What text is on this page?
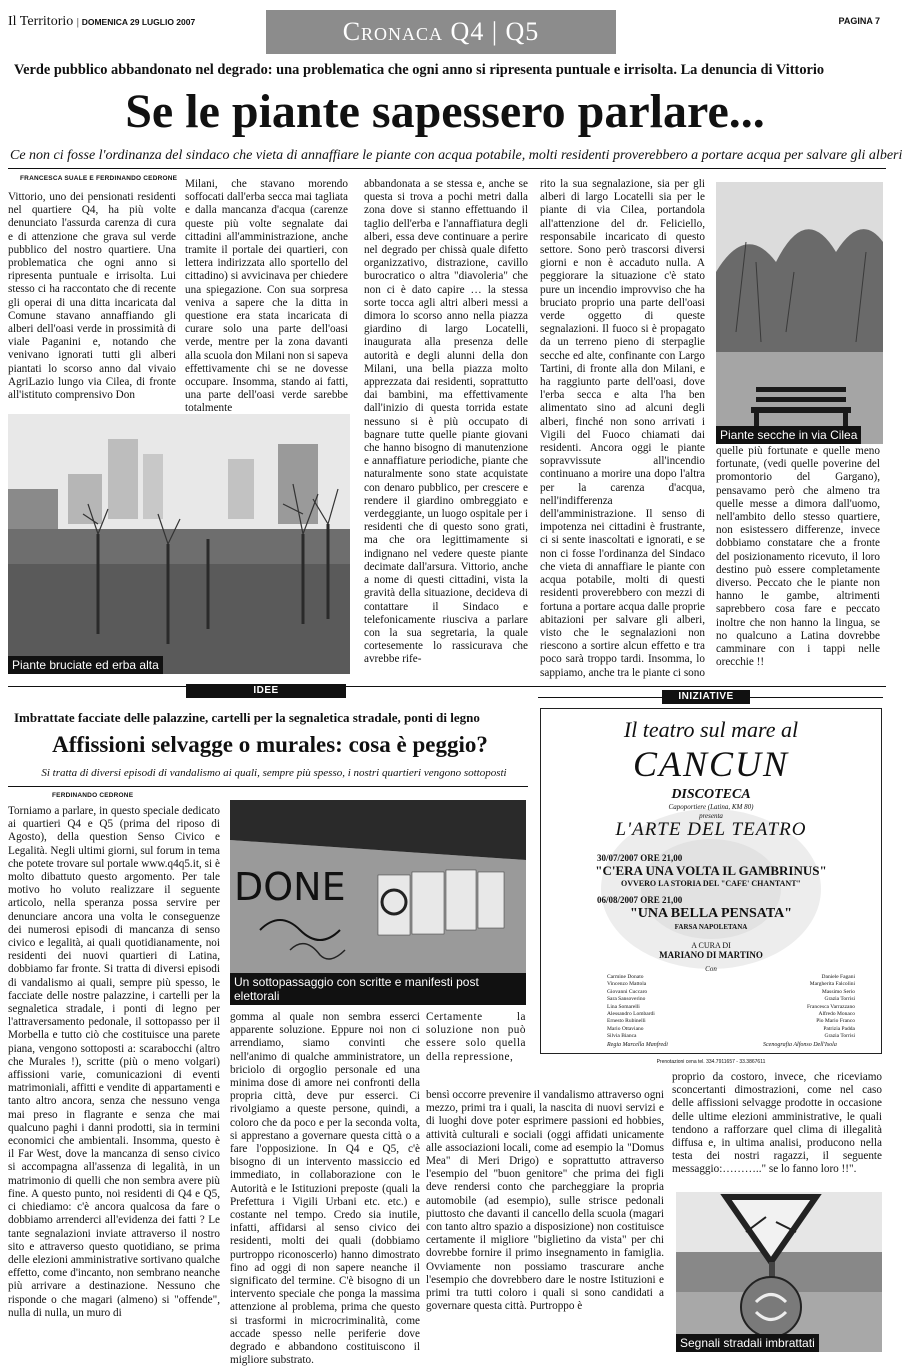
Il Territorio | DOMENICA 29 LUGLIO 2007	Cronaca Q4 | Q5	PAGINA 7
Verde pubblico abbandonato nel degrado: una problematica che ogni anno si ripresenta puntuale e irrisolta. La denuncia di Vittorio
Se le piante sapessero parlare...
Ce non ci fosse l'ordinanza del sindaco che vieta di annaffiare le piante con acqua potabile, molti residenti proverebbero a portare acqua per salvare gli alberi
FRANCESCA SUALE E FERDINANDO CEDRONE
Vittorio, uno dei pensionati residenti nel quartiere Q4, ha più volte denunciato l'assurda carenza di cura e di attenzione che grava sul verde pubblico del nostro quartiere. Una problematica che ogni anno si ripresenta puntuale e irrisolta. Lui stesso ci ha raccontato che di recente gli operai di una ditta incaricata dal Comune stavano annaffiando gli alberi dell'oasi verde in prossimità di viale Paganini e, notando che venivano ignorati tutti gli alberi piantati lo scorso anno dal vivaio AgriLazio lungo via Cilea, di fronte all'istituto comprensivo Don
Milani, che stavano morendo soffocati dall'erba secca mai tagliata e dalla mancanza d'acqua (carenze queste più volte segnalate dai cittadini all'amministrazione, anche tramite il portale dei quartieri, con lettera indirizzata allo sportello del cittadino) si avvicinava per chiedere una spiegazione. Con sua sorpresa veniva a sapere che la ditta in questione era stata incaricata di curare solo una parte dell'oasi verde, mentre per la zona davanti alla scuola don Milani non si sapeva effettivamente chi se ne dovesse occupare. Insomma, stando ai fatti, una parte dell'oasi verde sarebbe totalmente
abbandonata a se stessa e, anche se questa si trova a pochi metri dalla zona dove si stanno effettuando il taglio dell'erba e l'annaffiatura degli alberi, essa deve continuare a perire nel degrado per chissà quale difetto organizzativo, distrazione, cavillo burocratico o altra "diavoleria" che non ci è dato capire … la stessa sorte tocca agli altri alberi messi a dimora lo scorso anno nella piazza giardino di largo Locatelli, inaugurata alla presenza delle autorità e degli alunni della don Milani, una bella piazza molto apprezzata dai residenti, soprattutto dai bambini, ma effettivamente dall'inizio di questa torrida estate nessuno si è più occupato di bagnare tutte quelle piante giovani che hanno bisogno di manutenzione e annaffiature periodiche, piante che naturalmente sono state acquistate con denaro pubblico, per crescere e rendere il giardino ombreggiato e verdeggiante, un luogo ospitale per i residenti che di questo sono grati, ma che ora legittimamente si indignano nel vedere queste piante decimate dall'arsura. Vittorio, anche a nome di questi cittadini, vista la gravità della situazione, decideva di contattare il Sindaco e telefonicamente riusciva a parlare con la sua segretaria, la quale cortesemente lo rassicurava che avrebbe rife-
rito la sua segnalazione, sia per gli alberi di largo Locatelli sia per le piante di via Cilea, portandola all'attenzione del dr. Feliciello, responsabile incaricato di questo settore. Sono però trascorsi diversi giorni e non è accaduto nulla. A peggiorare la situazione c'è stato pure un incendio improvviso che ha bruciato proprio una parte dell'oasi verde oggetto di queste segnalazioni. Il fuoco si è propagato da un terreno pieno di sterpaglie secche ed alte, confinante con Largo Tartini, di fronte alla don Milani, e ha raggiunto parte dell'oasi, dove l'erba secca e alta l'ha ben alimentato sino ad alcuni degli alberi, finché non sono arrivati i Vigili del Fuoco chiamati dai residenti. Ancora oggi le piante sopravvissute all'incendio continuano a morire una dopo l'altra per la carenza d'acqua, nell'indifferenza dell'amministrazione. Il senso di impotenza nei cittadini è frustrante, ci si sente inascoltati e ignorati, e se non ci fosse l'ordinanza del Sindaco che vieta di annaffiare le piante con acqua potabile, molti di questi residenti proverebbero con mezzi di fortuna a portare acqua dalle proprie abitazioni per salvare gli alberi, visto che le segnalazioni non riescono a sortire alcun effetto e tra poco sarà troppo tardi. Insomma, lo sappiamo, anche tra le piante ci sono
quelle più fortunate e quelle meno fortunate, (vedi quelle poverine del promontorio del Gargano), pensavamo però che almeno tra quelle messe a dimora dall'uomo, nell'ambito dello stesso quartiere, non esistessero differenze, invece dobbiamo constatare che a fronte del posizionamento ricevuto, il loro destino può essere completamente diverso. Peccato che le piante non hanno le gambe, altrimenti saprebbero cosa fare e peccato inoltre che non hanno la lingua, se no qualcuno a Latina dovrebbe camminare con i tappi nelle orecchie !!
Piante bruciate ed erba alta
Piante secche in via Cilea
IDEE
Imbrattate facciate delle palazzine, cartelli per la segnaletica stradale, ponti di legno
Affissioni selvagge o murales: cosa è peggio?
Si tratta di diversi episodi di vandalismo ai quali, sempre più spesso, i nostri quartieri vengono sottoposti
FERDINANDO CEDRONE
Torniamo a parlare, in questo speciale dedicato ai quartieri Q4 e Q5 (prima del riposo di Agosto), della question Senso Civico e Legalità. Negli ultimi giorni, sul forum in tema che potete trovare sul portale www.q4q5.it, si è molto dibattuto questo argomento. Per tale motivo ho voluto realizzare il seguente articolo, nella speranza possa servire per denunciare ancora una volta le conseguenze dei numerosi episodi di mancanza di senso civico e legalità, ai quali quotidianamente, noi residenti dei nuovi quartieri di Latina, dobbiamo far fronte. Si tratta di diversi episodi di vandalismo ai quali, sempre più spesso, le facciate delle nostre palazzine, i cartelli per la segnaletica stradale, i ponti di legno per l'attraversamento pedonale, il sottopasso per il Morbella e tutto ciò che costituisce una parete piana, vengono sottoposti a: scarabocchi (altro che Murales !), scritte (più o meno volgari) affissioni varie, comunicazioni di eventi matrimoniali, affitti e vendite di appartamenti e tanto altro ancora, senza che nessuno venga mai preso in flagrante e senza che mai qualcuno paghi i danni prodotti, sia in termini economici che ambientali. Insomma, questo è il Far West, dove la mancanza di senso civico si accompagna all'assenza di legalità, in un matrimonio di quelli che non sembra avere più fine. A questo punto, noi residenti di Q4 e Q5, ci chiediamo: c'è ancora qualcosa da fare o dobbiamo arrenderci all'evidenza dei fatti ? Le tante segnalazioni inviate attraverso il nostro sito e attraverso questo quotidiano, se prima delle elezioni amministrative sortivano qualche effetto, come d'incanto, non sembrano neanche più arrivare a destinazione. Nessuno che risponde o che magari (almeno) si "offende", nulla di nulla, un muro di
DONE
Un sottopassaggio con scritte e manifesti post elettorali
gomma al quale non sembra esserci apparente soluzione. Eppure noi non ci arrendiamo, siamo convinti che nell'animo di qualche amministratore, un briciolo di orgoglio personale ed una minima dose di amore nei confronti della propria città, deve pur esserci. Ci rivolgiamo a queste persone, quindi, a coloro che da poco e per la seconda volta, si apprestano a governare questa città o a fare l'opposizione. In Q4 e Q5, c'è bisogno di un intervento massiccio ed immediato, in collaborazione con le Autorità e le Istituzioni preposte (quali la Prefettura i Vigili Urbani etc. etc.) e costante nel tempo. Credo sia inutile, infatti, affidarsi al senso civico dei residenti, molti dei quali (dobbiamo purtroppo riconoscerlo) hanno dimostrato fino ad oggi di non sapere neanche il significato del termine. C'è bisogno di un intervento speciale che ponga la massima attenzione al problema, prima che questo si trasformi in microcriminalità, come accade spesso nelle periferie dove degrado e abbandono costituiscono il migliore substrato.
Certamente la soluzione non può essere solo quella della repressione,
bensì occorre prevenire il vandalismo attraverso ogni mezzo, primi tra i quali, la nascita di nuovi servizi e di luoghi dove poter esprimere passioni ed hobbies, attività culturali e sociali (oggi affidati unicamente alle associazioni locali, come ad esempio la "Domus Mea" di Meri Drigo) e soprattutto attraverso l'esempio del "buon genitore" che prima dei figli deve rendersi conto che parcheggiare la propria automobile (ad esempio), sulle strisce pedonali piuttosto che davanti il cancello della scuola (magari con tanto altro spazio a disposizione) non costituisce certamente il migliore "biglietino da vista" per chi dovrebbe fornire il primo insegnamento in famiglia. Ovviamente non possiamo trascurare anche l'esempio che dovrebbero dare le nostre Istituzioni e primi tra tutti coloro i quali si sono candidati a governare questa città. Purtroppo è
INIZIATIVE
Il teatro sul mare al
CANCUN
DISCOTECA
Capoportiere (Latina, KM 80)
presenta
L'ARTE DEL TEATRO
30/07/2007 ORE 21,00
"C'ERA UNA VOLTA IL GAMBRINUS"
OVVERO LA STORIA DEL "CAFE' CHANTANT"
06/08/2007 ORE 21,00
"UNA BELLA PENSATA"
FARSA NAPOLETANA
A CURA DI
MARIANO DI MARTINO
Con
Carmine Donato
Vincenzo Mattola
Giovanni Cuccaro
Sara Sansoverino
Lina Somarelli
Alessandro Lombardi
Ernesto Rubinelli
Mario Ottaviano
Silvia Bianca
Daniele Fagani
Margherita Falcolini
Massimo Serio
Grazia Torrisi
Francesca Varrazzano
Alfredo Monaco
Pio Mario Franco
Patrizia Padda
Grazia Torrisi
Regia Marcella Manfredi	Scenografia Alfonso Dell'Isola
Prenotazioni cena tel. 334.7911657 - 33.3867611
proprio da costoro, invece, che riceviamo sconcertanti dimostrazioni, come nel caso delle affissioni selvagge prodotte in occasione delle ultime elezioni amministrative, le quali tendono a rafforzare quel clima di illegalità diffusa e, in ultima analisi, producono nella testa dei nostri ragazzi, il seguente messaggio:……….." se lo fanno loro !!".
Segnali stradali imbrattati
